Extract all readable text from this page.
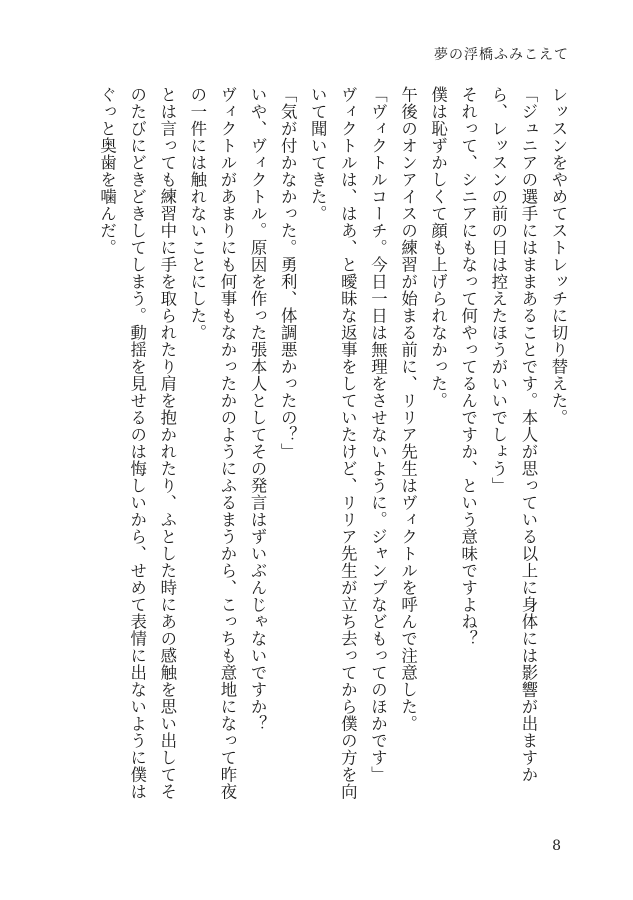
夢の浮橋ふみこえて

レッスンをやめてストレッチに切り替えた。

「ジュニアの選手にはままあることです。本人が思っている以上に身体には影響が出ますから、レッスンの前の日は控えたほうがいいでしょう」

それって、シニアにもなって何やってるんですか、という意味ですよね？

僕は恥ずかしくて顔も上げられなかった。

午後のオンアイスの練習が始まる前に、リリア先生はヴィクトルを呼んで注意した。

「ヴィクトルコーチ。今日一日は無理をさせないように。ジャンプなどもってのほかです」

ヴィクトルは、はあ、と曖昧な返事をしていたけど、リリア先生が立ち去ってから僕の方を向いて聞いてきた。

「気が付かなかった。勇利、体調悪かったの？」

いや、ヴィクトル。原因を作った張本人としてその発言はずいぶんじゃないですか？

ヴィクトルがあまりにも何事もなかったかのようにふるまうから、こっちも意地になって昨夜の一件には触れないことにした。

とは言っても練習中に手を取られたり肩を抱かれたり、ふとした時にあの感触を思い出してそのたびにどきどきしてしまう。動揺を見せるのは悔しいから、せめて表情に出ないように僕はぐっと奥歯を噛んだ。

8
